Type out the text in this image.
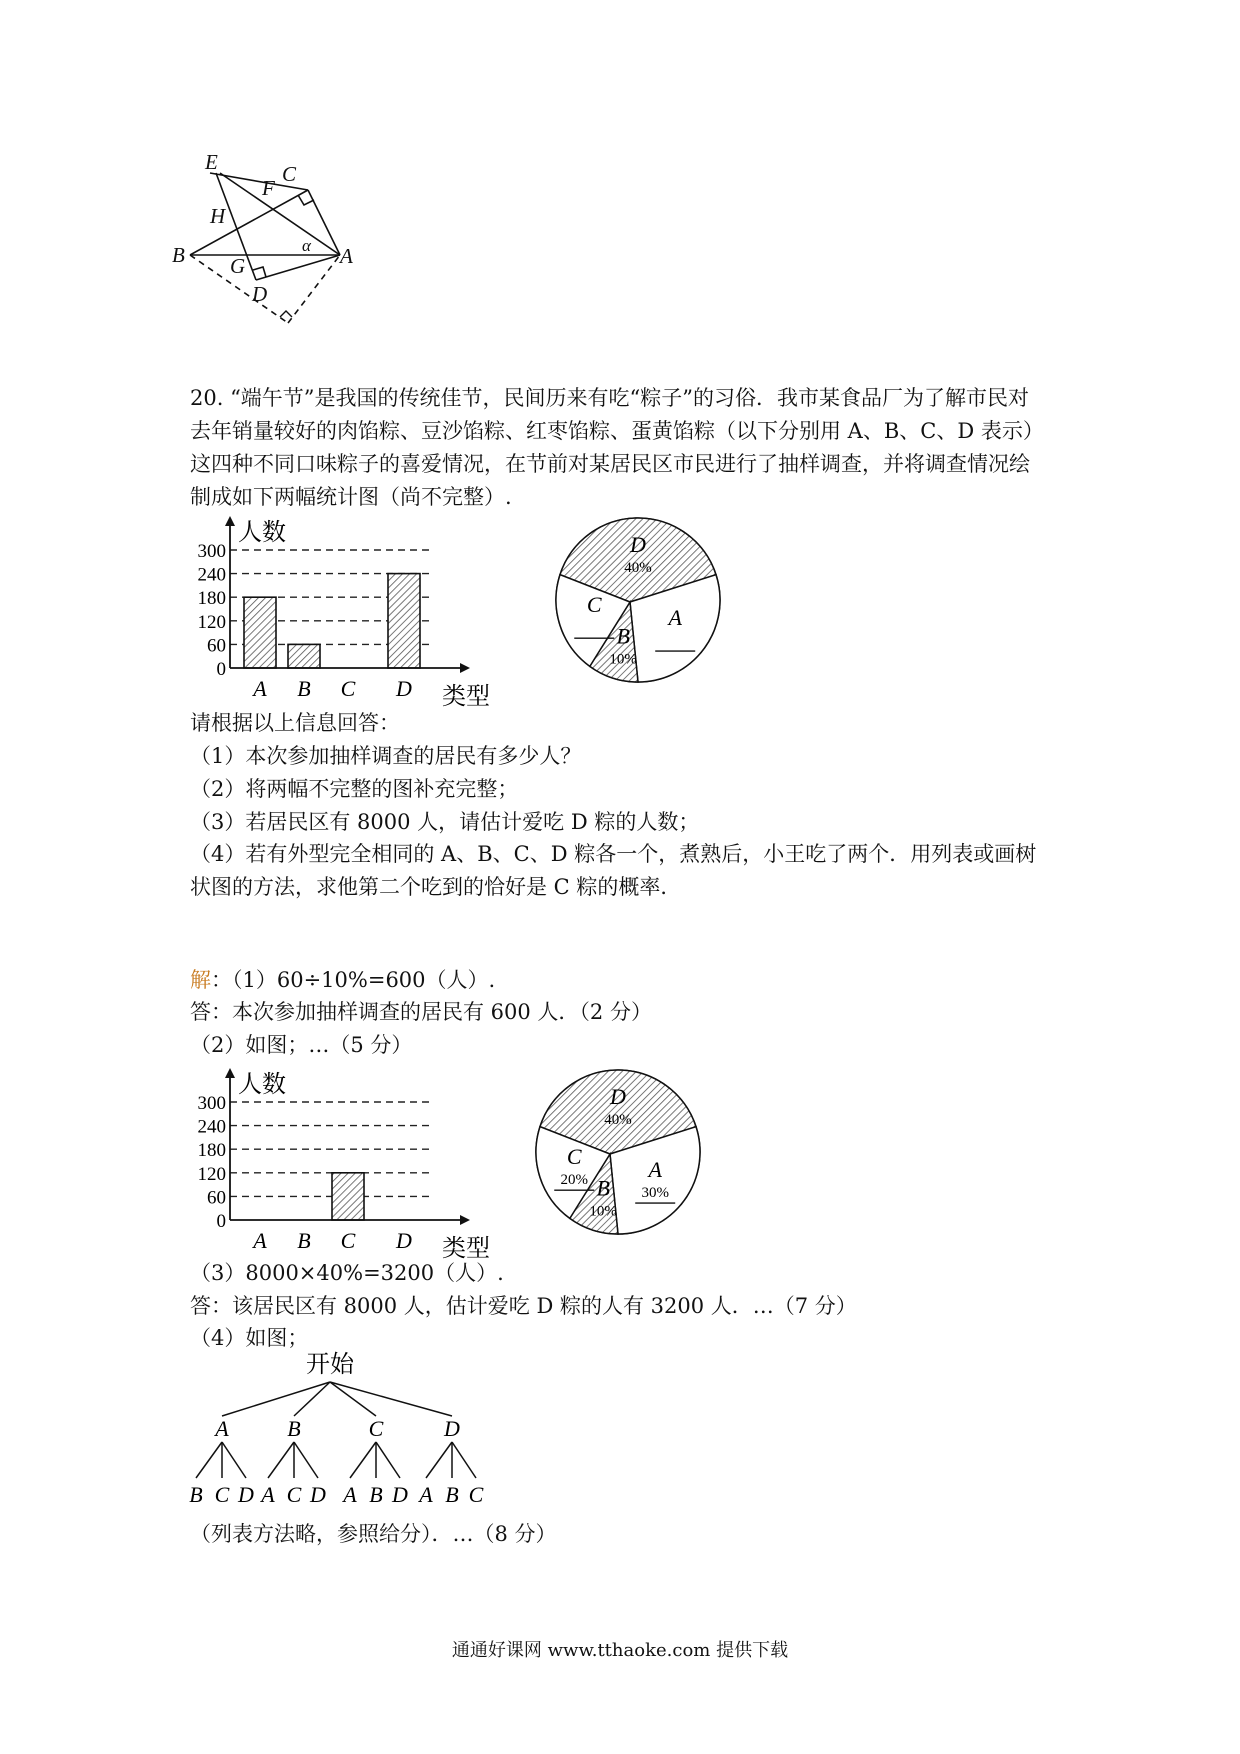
E	C
F
H
B	A
G
D
α
20. “端午节”是我国的传统佳节，民间历来有吃“粽子”的习俗．我市某食品厂为了解市民对
去年销量较好的肉馅粽、豆沙馅粽、红枣馅粽、蛋黄馅粽（以下分别用 A、B、C、D 表示）
这四种不同口味粽子的喜爱情况，在节前对某居民区市民进行了抽样调查，并将调查情况绘
制成如下两幅统计图（尚不完整）.
0
60
120
180
240
300
A B C D
人数
类型
D
40%
A
B
10%
C
请根据以上信息回答：
（1）本次参加抽样调查的居民有多少人？
（2）将两幅不完整的图补充完整；
（3）若居民区有 8000 人，请估计爱吃 D 粽的人数；
（4）若有外型完全相同的 A、B、C、D 粽各一个，煮熟后，小王吃了两个．用列表或画树
状图的方法，求他第二个吃到的恰好是 C 粽的概率．
解：（1）60÷10%=600（人）.
答：本次参加抽样调查的居民有 600 人．（2 分）
（2）如图；…（5 分）
0
60
120
180
240
300
A B C D
人数
类型
D
40%
A
30%
B
10%
C
20%
（3）8000×40%=3200（人）.
答：该居民区有 8000 人，估计爱吃 D 粽的人有 3200 人．…（7 分）
（4）如图；
开始
A
B C D
B
A C D
C
A B D
D
A B C
（列表方法略，参照给分）．…（8 分）
通通好课网 www.tthaoke.com 提供下载
